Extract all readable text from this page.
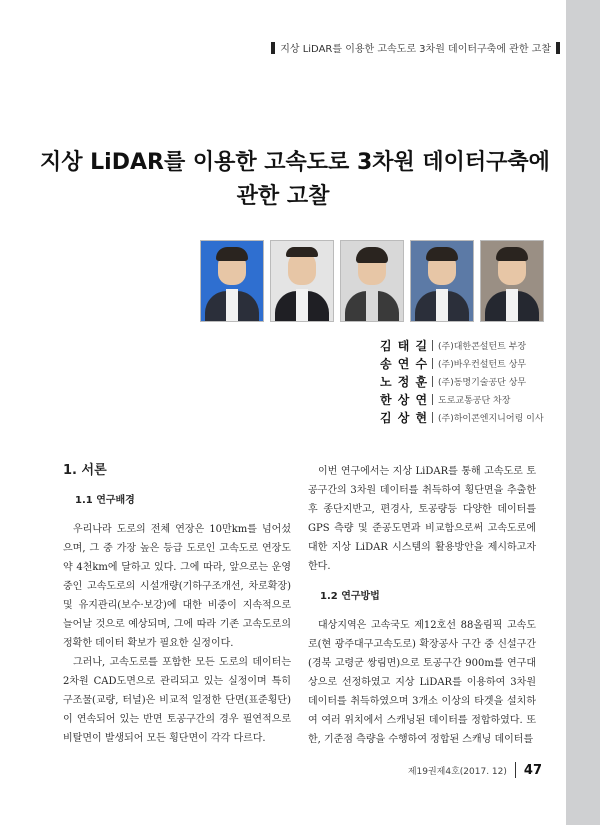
지상 LiDAR를 이용한 고속도로 3차원 데이터구축에 관한 고찰
지상 LiDAR를 이용한 고속도로 3차원 데이터구축에
관한 고찰
김 태 길 (주)대한콘설턴트 부장
송 연 수 (주)바우컨설턴트 상무
노 정 훈 (주)동명기술공단 상무
한 상 연 도로교통공단 차장
김 상 현 (주)하이콘엔지니어링 이사
1. 서론
1.1 연구배경

우리나라 도로의 전체 연장은 10만km를 넘어섰으며, 그 중 가장 높은 등급 도로인 고속도로 연장도 약 4천km에 달하고 있다. 그에 따라, 앞으로는 운영중인 고속도로의 시설개량(기하구조개선, 차로확장) 및 유지관리(보수·보강)에 대한 비중이 지속적으로 늘어날 것으로 예상되며, 그에 따라 기존 고속도로의 정확한 데이터 확보가 필요한 실정이다.

그러나, 고속도로를 포함한 모든 도로의 데이터는 2차원 CAD도면으로 관리되고 있는 실정이며 특히 구조물(교량, 터널)은 비교적 일정한 단면(표준횡단)이 연속되어 있는 반면 토공구간의 경우 필연적으로 비탈면이 발생되어 모든 횡단면이 각각 다르다.

이번 연구에서는 지상 LiDAR를 통해 고속도로 토공구간의 3차원 데이터를 취득하여 횡단면을 추출한 후 종단지반고, 편경사, 토공량등 다양한 데이터를 GPS 측량 및 준공도면과 비교함으로써 고속도로에 대한 지상 LiDAR 시스템의 활용방안을 제시하고자 한다.

1.2 연구방법

대상지역은 고속국도 제12호선 88올림픽 고속도로(현 광주대구고속도로) 확장공사 구간 중 신설구간(경북 고령군 쌍림면)으로 토공구간 900m를 연구대상으로 선정하였고 지상 LiDAR를 이용하여 3차원 데이터를 취득하였으며 3개소 이상의 타겟을 설치하여 여러 위치에서 스캐닝된 데이터를 정합하였다. 또한, 기준점 측량을 수행하여 정합된 스캐닝 데이터를

제19권제4호(2017. 12) 47
